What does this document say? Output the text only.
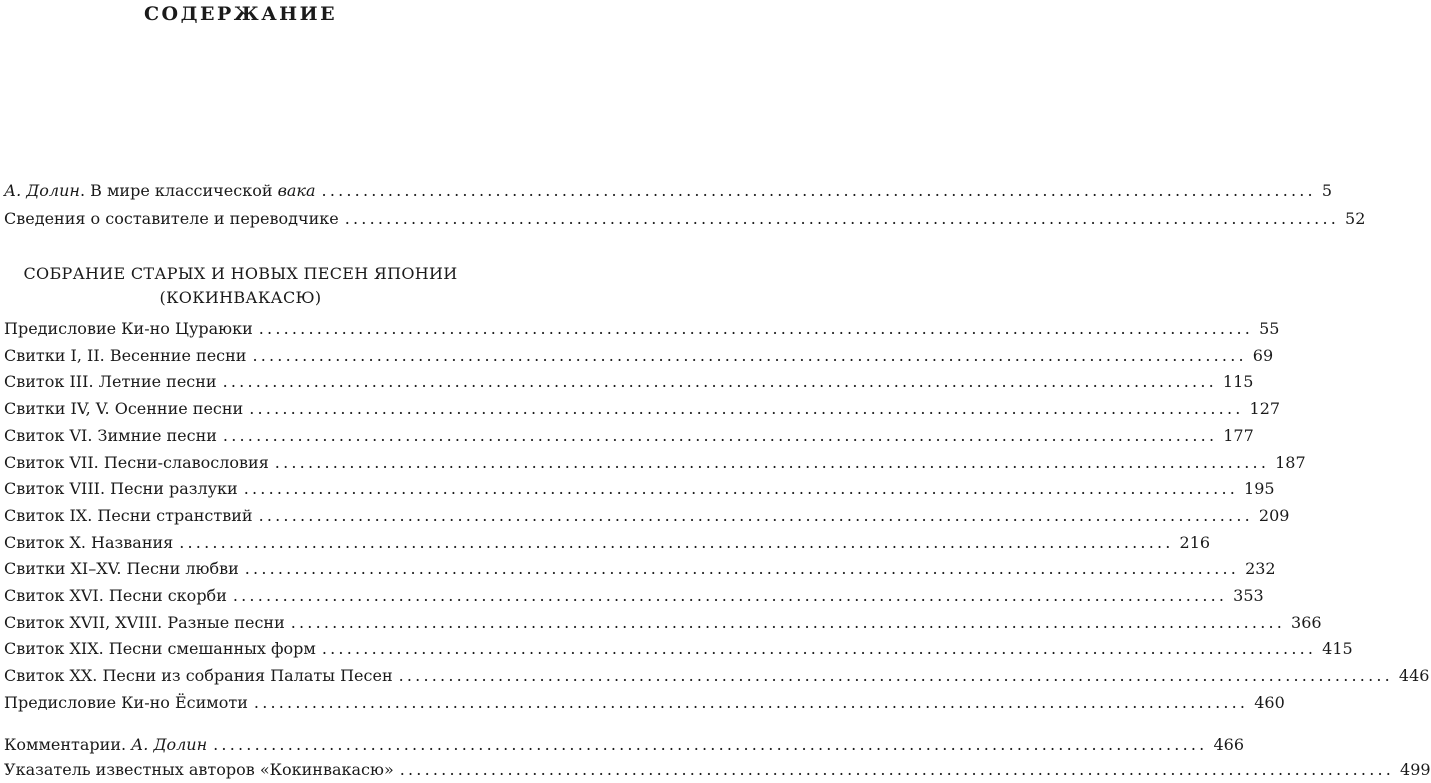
СОДЕРЖАНИЕ
А. Долин. В мире классической вака ........................................................................................................................ 5
Сведения о составителе и переводчике ........................................................................................................................ 52
СОБРАНИЕ СТАРЫХ И НОВЫХ ПЕСЕН ЯПОНИИ
(КОКИНВАКАСЮ)
Предисловие Ки-но Цураюки ........................................................................................................................ 55
Свитки I, II. Весенние песни ........................................................................................................................ 69
Свиток III. Летние песни ........................................................................................................................ 115
Свитки IV, V. Осенние песни ........................................................................................................................ 127
Свиток VI. Зимние песни ........................................................................................................................ 177
Свиток VII. Песни-славословия ........................................................................................................................ 187
Свиток VIII. Песни разлуки ........................................................................................................................ 195
Свиток IX. Песни странствий ........................................................................................................................ 209
Свиток X. Названия ........................................................................................................................ 216
Свитки XI–XV. Песни любви ........................................................................................................................ 232
Свиток XVI. Песни скорби ........................................................................................................................ 353
Свиток XVII, XVIII. Разные песни ........................................................................................................................ 366
Свиток XIX. Песни смешанных форм ........................................................................................................................ 415
Свиток XX. Песни из собрания Палаты Песен ........................................................................................................................ 446
Предисловие Ки-но Ёсимоти ........................................................................................................................ 460
Комментарии. А. Долин ........................................................................................................................ 466
Указатель известных авторов «Кокинвакасю» ........................................................................................................................ 499
